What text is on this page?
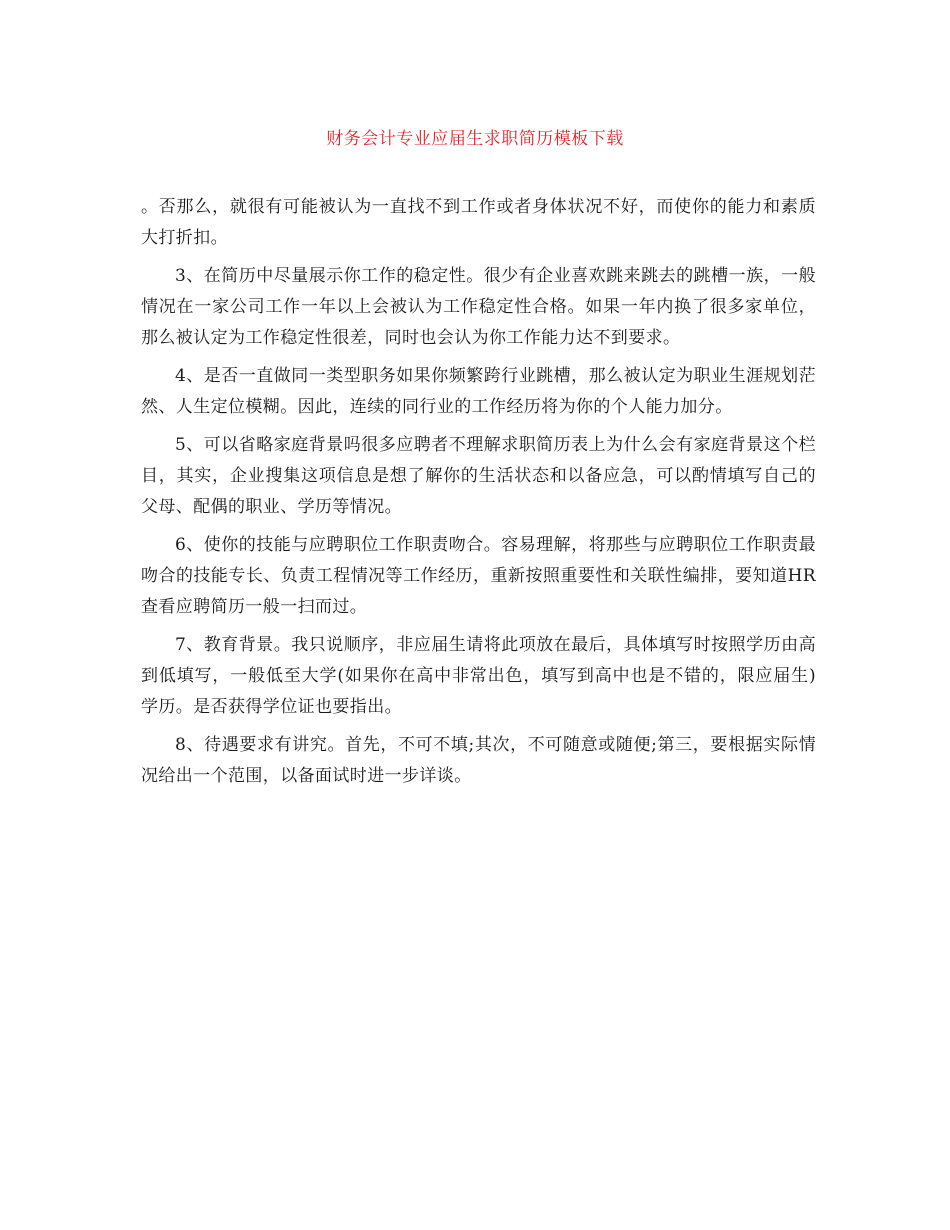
财务会计专业应届生求职简历模板下载

。否那么，就很有可能被认为一直找不到工作或者身体状况不好，而使你的能力和素质大打折扣。

3、在简历中尽量展示你工作的稳定性。很少有企业喜欢跳来跳去的跳槽一族，一般情况在一家公司工作一年以上会被认为工作稳定性合格。如果一年内换了很多家单位，那么被认定为工作稳定性很差，同时也会认为你工作能力达不到要求。

4、是否一直做同一类型职务如果你频繁跨行业跳槽，那么被认定为职业生涯规划茫然、人生定位模糊。因此，连续的同行业的工作经历将为你的个人能力加分。

5、可以省略家庭背景吗很多应聘者不理解求职简历表上为什么会有家庭背景这个栏目，其实，企业搜集这项信息是想了解你的生活状态和以备应急，可以酌情填写自己的父母、配偶的职业、学历等情况。

6、使你的技能与应聘职位工作职责吻合。容易理解，将那些与应聘职位工作职责最吻合的技能专长、负责工程情况等工作经历，重新按照重要性和关联性编排，要知道HR查看应聘简历一般一扫而过。

7、教育背景。我只说顺序，非应届生请将此项放在最后，具体填写时按照学历由高到低填写，一般低至大学(如果你在高中非常出色，填写到高中也是不错的，限应届生)学历。是否获得学位证也要指出。

8、待遇要求有讲究。首先，不可不填;其次，不可随意或随便;第三，要根据实际情况给出一个范围，以备面试时进一步详谈。
